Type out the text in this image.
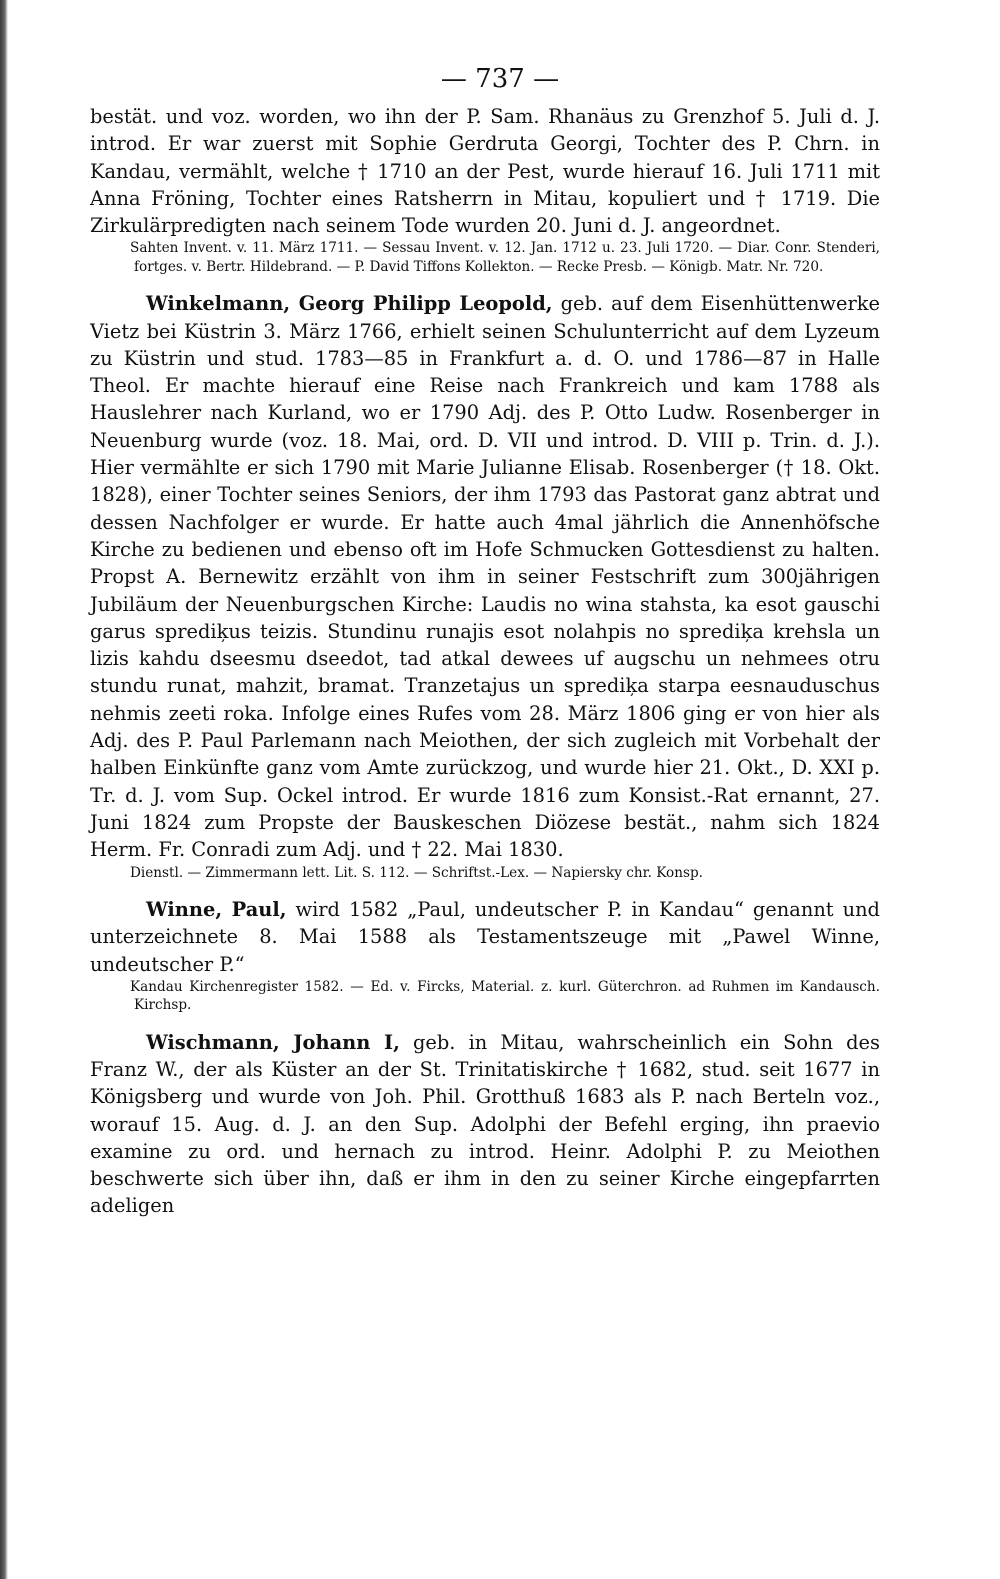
— 737 —

bestät. und voz. worden, wo ihn der P. Sam. Rhanäus zu Grenzhof 5. Juli d. J. introd. Er war zuerst mit Sophie Gerdruta Georgi, Tochter des P. Chrn. in Kandau, vermählt, welche † 1710 an der Pest, wurde hierauf 16. Juli 1711 mit Anna Fröning, Tochter eines Ratsherrn in Mitau, kopuliert und † 1719. Die Zirkulärpredigten nach seinem Tode wurden 20. Juni d. J. angeordnet.

Sahten Invent. v. 11. März 1711. — Sessau Invent. v. 12. Jan. 1712 u. 23. Juli 1720. — Diar. Conr. Stenderi, fortges. v. Bertr. Hildebrand. — P. David Tiffons Kollekton. — Recke Presb. — Königb. Matr. Nr. 720.

Winkelmann, Georg Philipp Leopold, geb. auf dem Eisenhüttenwerke Vietz bei Küstrin 3. März 1766, erhielt seinen Schulunterricht auf dem Lyzeum zu Küstrin und stud. 1783—85 in Frankfurt a. d. O. und 1786—87 in Halle Theol. Er machte hierauf eine Reise nach Frankreich und kam 1788 als Hauslehrer nach Kurland, wo er 1790 Adj. des P. Otto Ludw. Rosenberger in Neuenburg wurde (voz. 18. Mai, ord. D. VII und introd. D. VIII p. Trin. d. J.). Hier vermählte er sich 1790 mit Marie Julianne Elisab. Rosenberger († 18. Okt. 1828), einer Tochter seines Seniors, der ihm 1793 das Pastorat ganz abtrat und dessen Nachfolger er wurde. Er hatte auch 4mal jährlich die Annenhöfsche Kirche zu bedienen und ebenso oft im Hofe Schmucken Gottesdienst zu halten. Propst A. Bernewitz erzählt von ihm in seiner Festschrift zum 300jährigen Jubiläum der Neuenburgschen Kirche: Laudis no wina stahsta, ka esot gauschi garus sprediķus teizis. Stundinu runajis esot nolahpis no sprediķa krehsla un lizis kahdu dseesmu dseedot, tad atkal dewees uf augschu un nehmees otru stundu runat, mahzit, bramat. Tranzetajus un sprediķa starpa eesnauduschus nehmis zeeti roka. Infolge eines Rufes vom 28. März 1806 ging er von hier als Adj. des P. Paul Parlemann nach Meiothen, der sich zugleich mit Vorbehalt der halben Einkünfte ganz vom Amte zurückzog, und wurde hier 21. Okt., D. XXI p. Tr. d. J. vom Sup. Ockel introd. Er wurde 1816 zum Konsist.-Rat ernannt, 27. Juni 1824 zum Propste der Bauskeschen Diözese bestät., nahm sich 1824 Herm. Fr. Conradi zum Adj. und † 22. Mai 1830.

Dienstl. — Zimmermann lett. Lit. S. 112. — Schriftst.-Lex. — Napiersky chr. Konsp.

Winne, Paul, wird 1582 „Paul, undeutscher P. in Kandau“ genannt und unterzeichnete 8. Mai 1588 als Testamentszeuge mit „Pawel Winne, undeutscher P.“

Kandau Kirchenregister 1582. — Ed. v. Fircks, Material. z. kurl. Güterchron. ad Ruhmen im Kandausch. Kirchsp.

Wischmann, Johann I, geb. in Mitau, wahrscheinlich ein Sohn des Franz W., der als Küster an der St. Trinitatiskirche † 1682, stud. seit 1677 in Königsberg und wurde von Joh. Phil. Grotthuß 1683 als P. nach Berteln voz., worauf 15. Aug. d. J. an den Sup. Adolphi der Befehl erging, ihn praevio examine zu ord. und hernach zu introd. Heinr. Adolphi P. zu Meiothen beschwerte sich über ihn, daß er ihm in den zu seiner Kirche eingepfarrten adeligen
